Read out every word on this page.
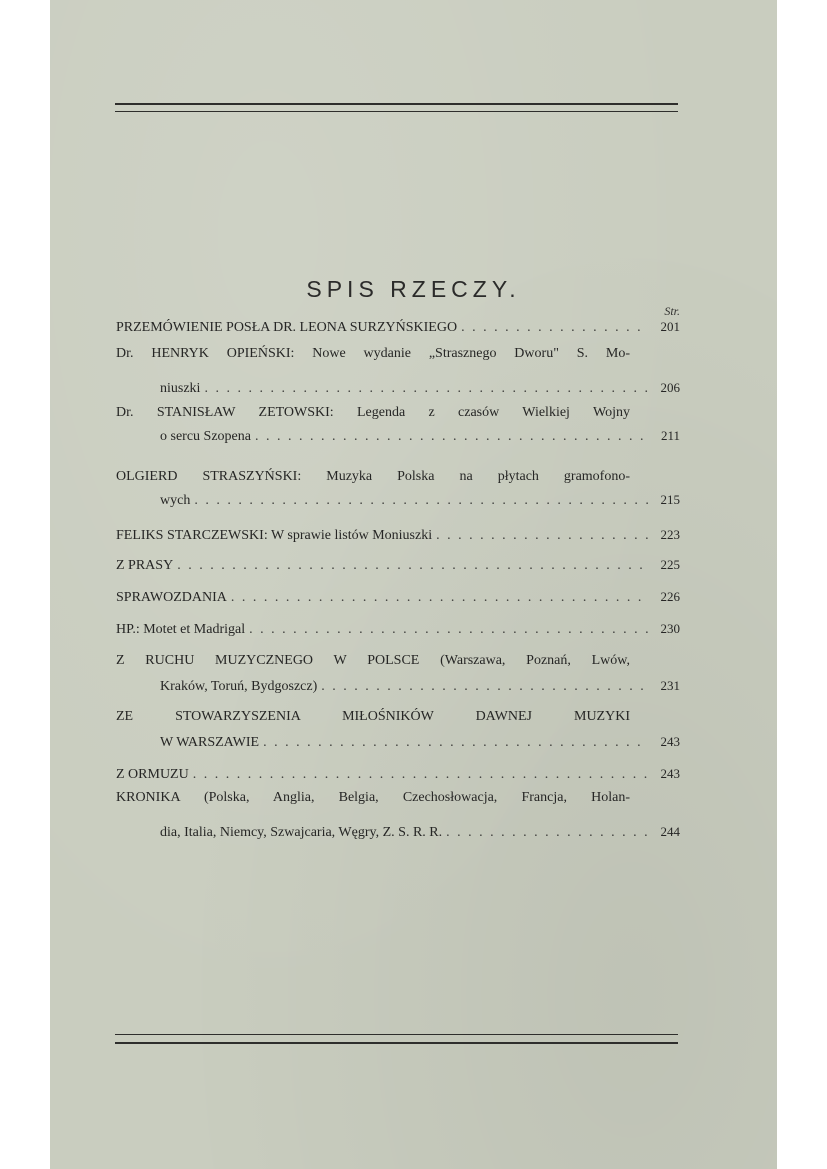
SPIS RZECZY.
Str.
PRZEMÓWIENIE POSŁA DR. LEONA SURZYŃSKIEGO . . .	201
Dr. HENRYK OPIEŃSKI: Nowe wydanie „Strasznego Dworu" S. Mo-
niuszki . . .	206
Dr. STANISŁAW ZETOWSKI: Legenda z czasów Wielkiej Wojny
o sercu Szopena . . .	211
OLGIERD STRASZYŃSKI: Muzyka Polska na płytach gramofono-
wych . . .	215
FELIKS STARCZEWSKI: W sprawie listów Moniuszki . . .	223
Z PRASY . . .	225
SPRAWOZDANIA . . .	226
HP.: Motet et Madrigal . . .	230
Z RUCHU MUZYCZNEGO W POLSCE (Warszawa, Poznań, Lwów,
Kraków, Toruń, Bydgoszcz) . . .	231
ZE STOWARZYSZENIA MIŁOŚNIKÓW DAWNEJ MUZYKI
W WARSZAWIE . . .	243
Z ORMUZU . . .	243
KRONIKA (Polska, Anglia, Belgia, Czechosłowacja, Francja, Holan-
dia, Italia, Niemcy, Szwajcaria, Węgry, Z. S. R. R. . . .	244
